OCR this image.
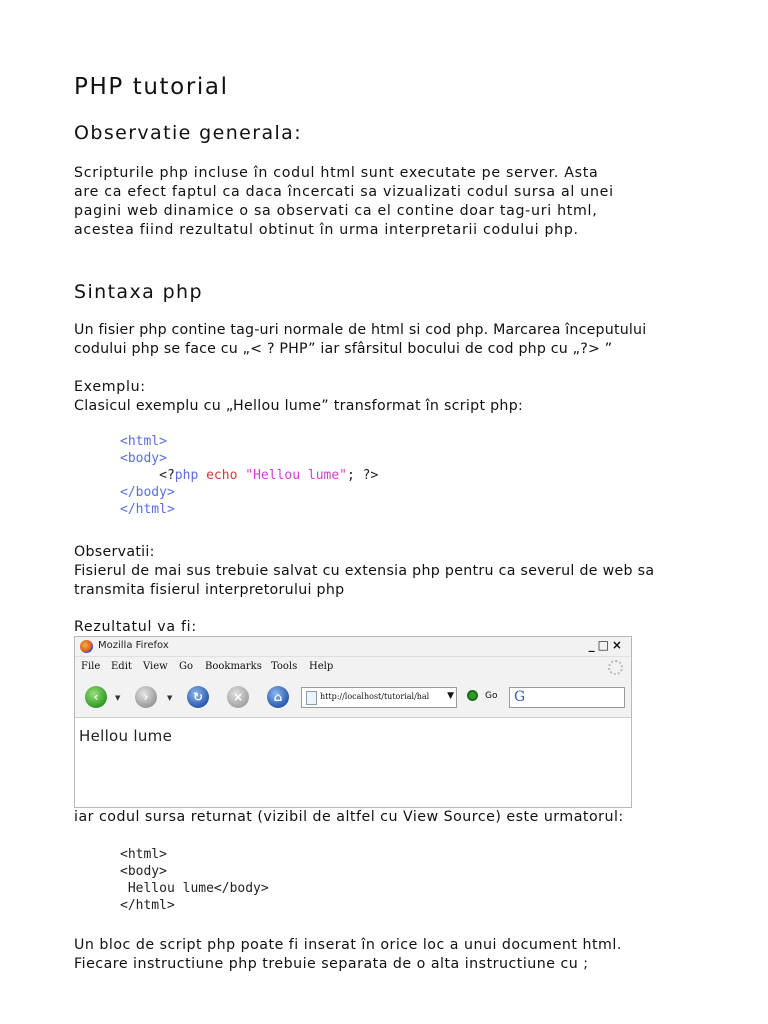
PHP tutorial
Observatie generala:
Scripturile php incluse în codul html sunt executate pe server. Asta
are ca efect faptul ca daca încercati sa vizualizati codul sursa al unei
pagini web dinamice o sa observati ca el contine doar tag-uri html,
acestea fiind rezultatul obtinut în urma interpretarii codului php.
Sintaxa php
Un fisier php contine tag-uri normale de html si cod php. Marcarea începutului
codului php se face cu „< ? PHP” iar sfârsitul bocului de cod php cu „?> ”
Exemplu:
Clasicul exemplu cu „Hellou lume” transformat în script php:
<html>
<body>
<?php echo "Hellou lume"; ?>
</body>
</html>
Observatii:
Fisierul de mai sus trebuie salvat cu extensia php pentru ca severul de web sa
transmita fisierul interpretorului php
Rezultatul va fi:
iar codul sursa returnat (vizibil de altfel cu View Source) este urmatorul:
<html>
<body>
Hellou lume</body>
</html>
Un bloc de script php poate fi inserat în orice loc a unui document html.
Fiecare instructiune php trebuie separata de o alta instructiune cu ;
Mozilla Firefox	_□×
File Edit View Go Bookmarks Tools Help
‹	▼	›	▼	↻	×	⌂	http://localhost/tutorial/hal	▼	Go G
Hellou lume
